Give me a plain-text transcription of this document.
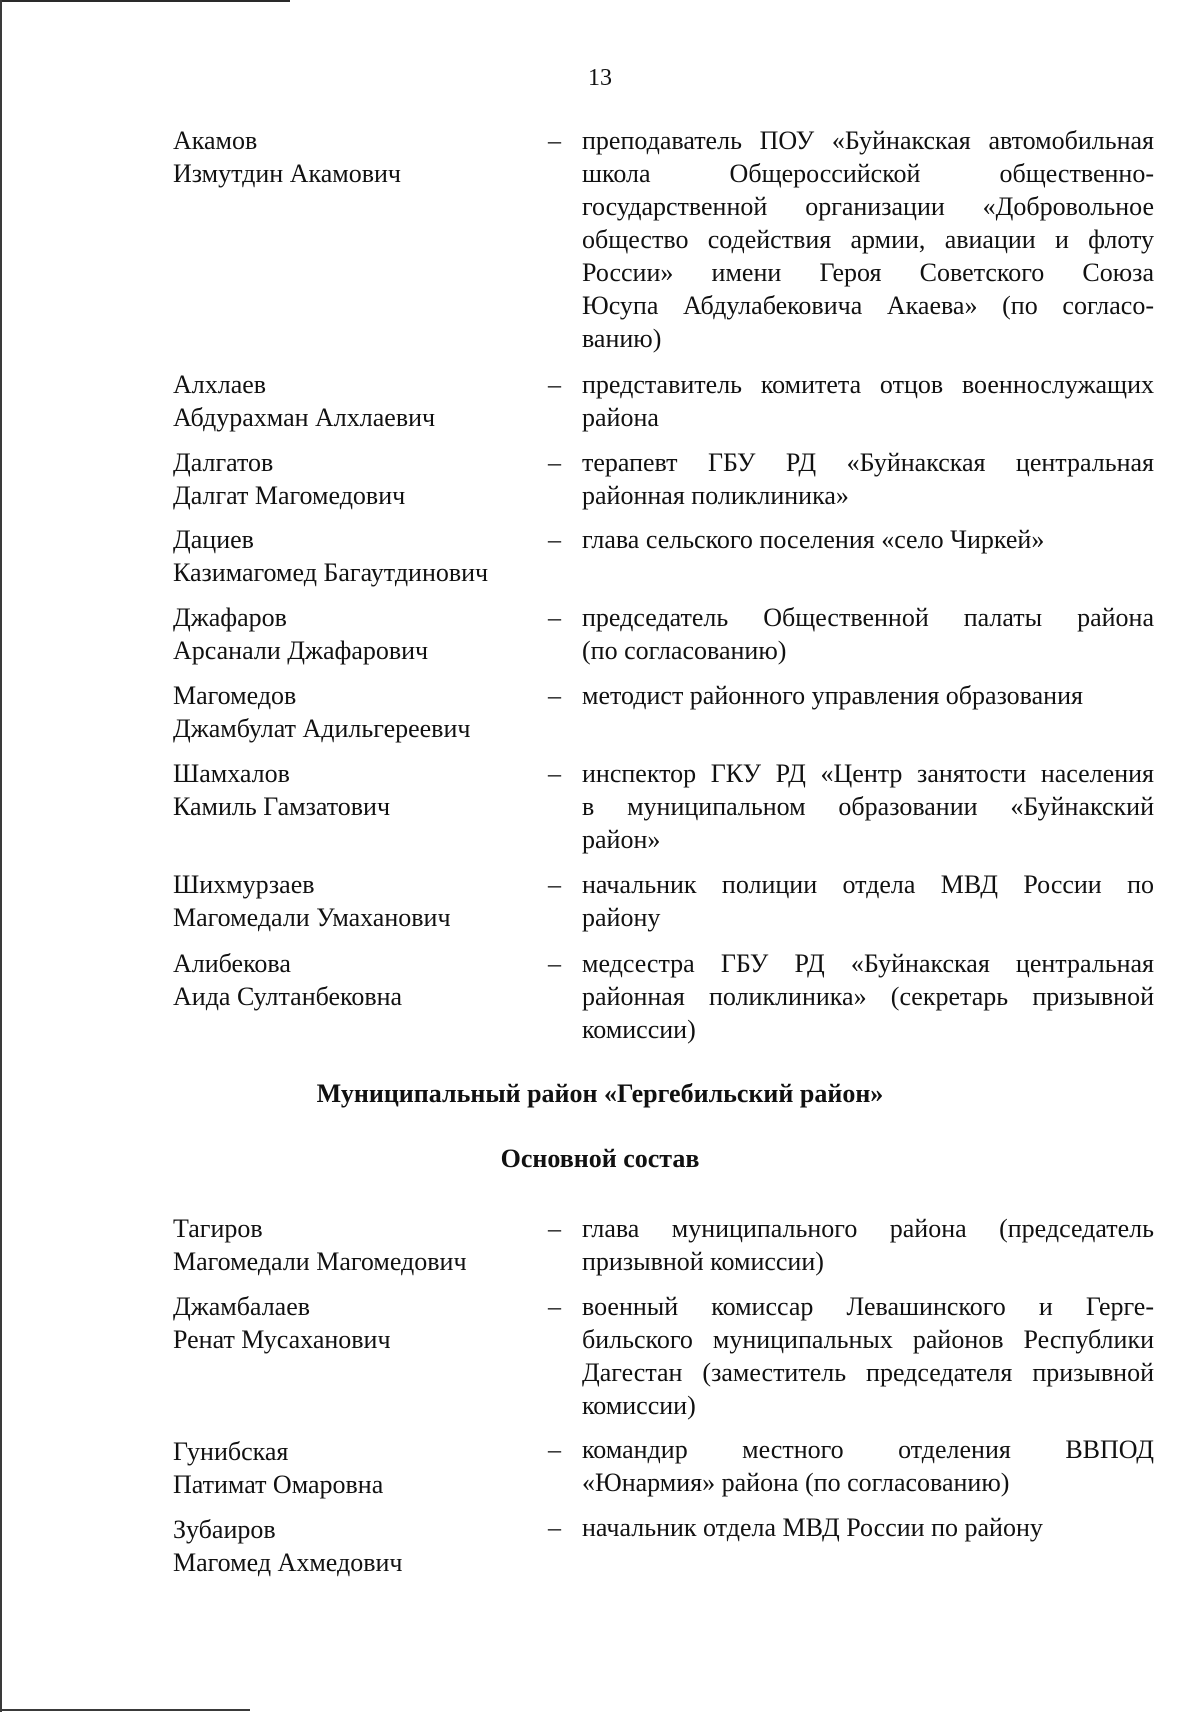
13
Акамов
Измутдин Акамович
– преподаватель ПОУ «Буйнакская автомобильная
школа Общероссийской общественно-
государственной организации «Добровольное
общество содействия армии, авиации и флоту
России» имени Героя Советского Союза
Юсупа Абдулабековича Акаева» (по согласо-
ванию)
Алхлаев
Абдурахман Алхлаевич
– представитель комитета отцов военнослужащих
района
Далгатов
Далгат Магомедович
– терапевт ГБУ РД «Буйнакская центральная
районная поликлиника»
Дациев
Казимагомед Багаутдинович
– глава сельского поселения «село Чиркей»
Джафаров
Арсанали Джафарович
– председатель Общественной палаты района
(по согласованию)
Магомедов
Джамбулат Адильгереевич
– методист районного управления образования
Шамхалов
Камиль Гамзатович
– инспектор ГКУ РД «Центр занятости населения
в муниципальном образовании «Буйнакский
район»
Шихмурзаев
Магомедали Умаханович
– начальник полиции отдела МВД России по
району
Алибекова
Аида Султанбековна
– медсестра ГБУ РД «Буйнакская центральная
районная поликлиника» (секретарь призывной
комиссии)
Муниципальный район «Гергебильский район»
Основной состав
Тагиров
Магомедали Магомедович
– глава муниципального района (председатель
призывной комиссии)
Джамбалаев
Ренат Мусаханович
– военный комиссар Левашинского и Герге-
бильского муниципальных районов Республики
Дагестан (заместитель председателя призывной
комиссии)
Гунибская
Патимат Омаровна
– командир местного отделения ВВПОД
«Юнармия» района (по согласованию)
Зубаиров
Магомед Ахмедович
– начальник отдела МВД России по району
